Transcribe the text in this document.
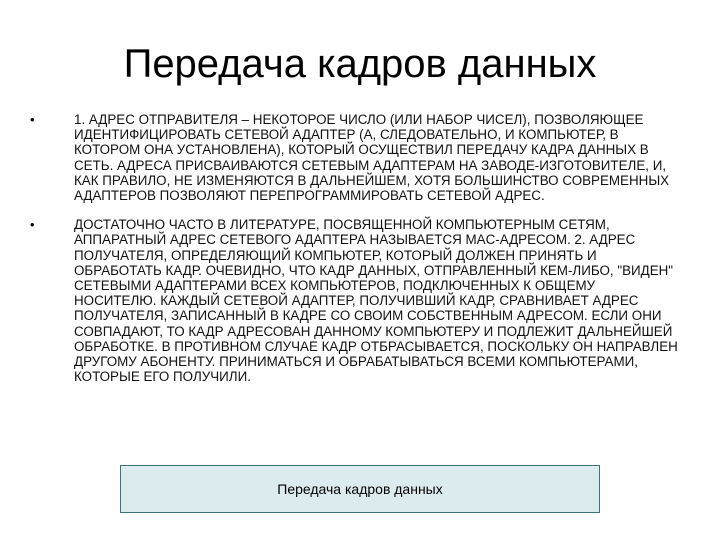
Передача кадров данных
•	1. АДРЕС ОТПРАВИТЕЛЯ – НЕКОТОРОЕ ЧИСЛО (ИЛИ НАБОР ЧИСЕЛ), ПОЗВОЛЯЮЩЕЕ ИДЕНТИФИЦИРОВАТЬ СЕТЕВОЙ АДАПТЕР (А, СЛЕДОВАТЕЛЬНО, И КОМПЬЮТЕР, В КОТОРОМ ОНА УСТАНОВЛЕНА), КОТОРЫЙ ОСУЩЕСТВИЛ ПЕРЕДАЧУ КАДРА ДАННЫХ В СЕТЬ. АДРЕСА ПРИСВАИВАЮТСЯ СЕТЕВЫМ АДАПТЕРАМ НА ЗАВОДЕ-ИЗГОТОВИТЕЛЕ, И, КАК ПРАВИЛО, НЕ ИЗМЕНЯЮТСЯ В ДАЛЬНЕЙШЕМ, ХОТЯ БОЛЬШИНСТВО СОВРЕМЕННЫХ АДАПТЕРОВ ПОЗВОЛЯЮТ ПЕРЕПРОГРАММИРОВАТЬ СЕТЕВОЙ АДРЕС.
•	ДОСТАТОЧНО ЧАСТО В ЛИТЕРАТУРЕ, ПОСВЯЩЕННОЙ КОМПЬЮТЕРНЫМ СЕТЯМ, АППАРАТНЫЙ АДРЕС СЕТЕВОГО АДАПТЕРА НАЗЫВАЕТСЯ MAC-АДРЕСОМ. 2. АДРЕС ПОЛУЧАТЕЛЯ, ОПРЕДЕЛЯЮЩИЙ КОМПЬЮТЕР, КОТОРЫЙ ДОЛЖЕН ПРИНЯТЬ И ОБРАБОТАТЬ КАДР. ОЧЕВИДНО, ЧТО КАДР ДАННЫХ, ОТПРАВЛЕННЫЙ КЕМ-ЛИБО, "ВИДЕН" СЕТЕВЫМИ АДАПТЕРАМИ ВСЕХ КОМПЬЮТЕРОВ, ПОДКЛЮЧЕННЫХ К ОБЩЕМУ НОСИТЕЛЮ. КАЖДЫЙ СЕТЕВОЙ АДАПТЕР, ПОЛУЧИВШИЙ КАДР, СРАВНИВАЕТ АДРЕС ПОЛУЧАТЕЛЯ, ЗАПИСАННЫЙ В КАДРЕ СО СВОИМ СОБСТВЕННЫМ АДРЕСОМ. ЕСЛИ ОНИ СОВПАДАЮТ, ТО КАДР АДРЕСОВАН ДАННОМУ КОМПЬЮТЕРУ И ПОДЛЕЖИТ ДАЛЬНЕЙШЕЙ ОБРАБОТКЕ. В ПРОТИВНОМ СЛУЧАЕ КАДР ОТБРАСЫВАЕТСЯ, ПОСКОЛЬКУ ОН НАПРАВЛЕН ДРУГОМУ АБОНЕНТУ. ПРИНИМАТЬСЯ И ОБРАБАТЫВАТЬСЯ ВСЕМИ КОМПЬЮТЕРАМИ, КОТОРЫЕ ЕГО ПОЛУЧИЛИ.
Передача кадров данных
